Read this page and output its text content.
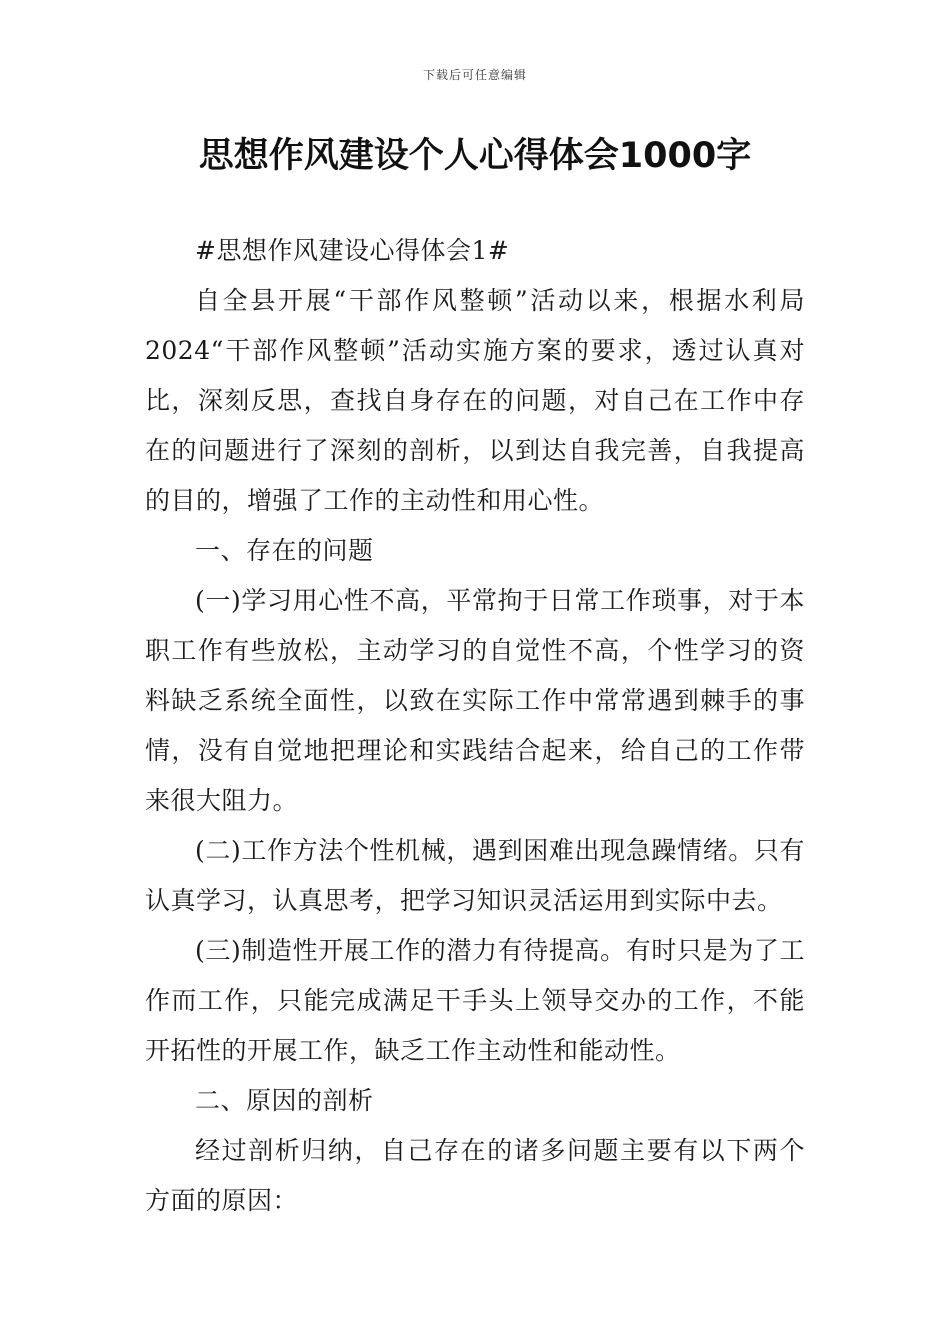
下载后可任意编辑
思想作风建设个人心得体会1000字

#思想作风建设心得体会1#

自全县开展“干部作风整顿”活动以来，根据水利局2024“干部作风整顿”活动实施方案的要求，透过认真对比，深刻反思，查找自身存在的问题，对自己在工作中存在的问题进行了深刻的剖析，以到达自我完善，自我提高的目的，增强了工作的主动性和用心性。

一、存在的问题

(一)学习用心性不高，平常拘于日常工作琐事，对于本职工作有些放松，主动学习的自觉性不高，个性学习的资料缺乏系统全面性，以致在实际工作中常常遇到棘手的事情，没有自觉地把理论和实践结合起来，给自己的工作带来很大阻力。

(二)工作方法个性机械，遇到困难出现急躁情绪。只有认真学习，认真思考，把学习知识灵活运用到实际中去。

(三)制造性开展工作的潜力有待提高。有时只是为了工作而工作，只能完成满足干手头上领导交办的工作，不能开拓性的开展工作，缺乏工作主动性和能动性。

二、原因的剖析

经过剖析归纳，自己存在的诸多问题主要有以下两个方面的原因：
